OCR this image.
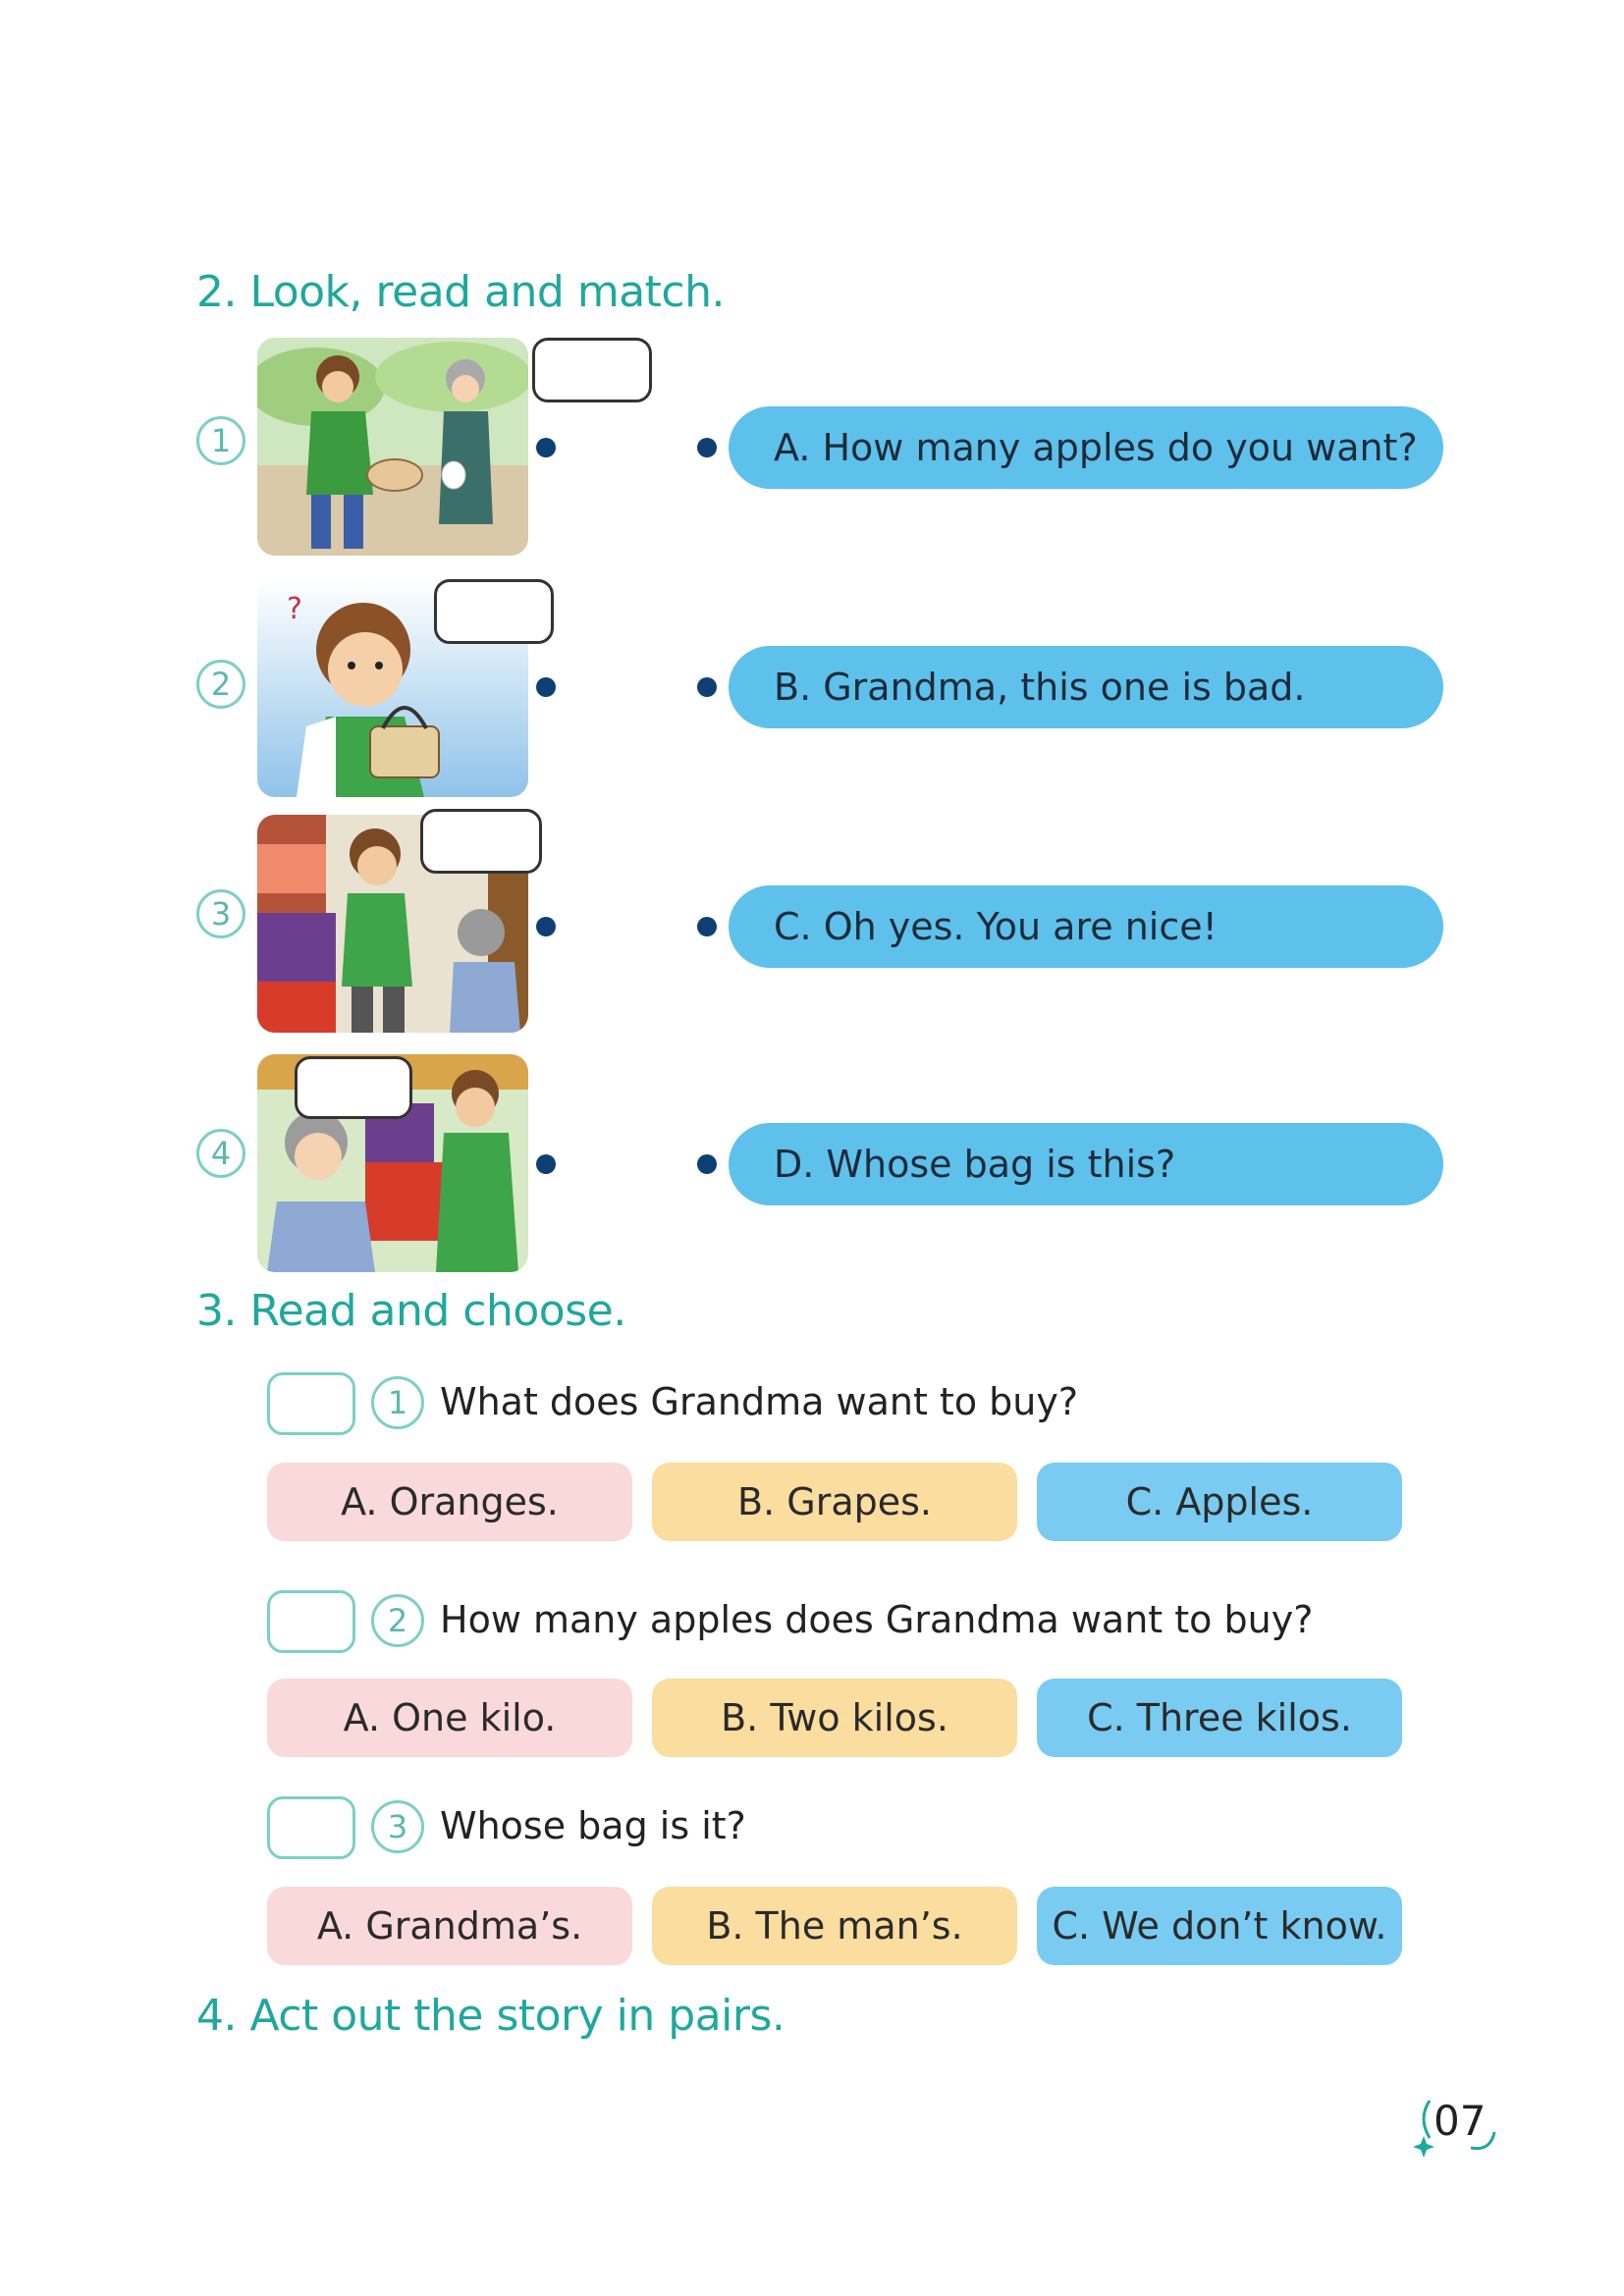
2. Look, read and match.
1
2
?
3
4
A. How many apples do you want?
B. Grandma, this one is bad.
C. Oh yes. You are nice!
D. Whose bag is this?
3. Read and choose.
1 What does Grandma want to buy?
A. Oranges.	B. Grapes.	C. Apples.
2 How many apples does Grandma want to buy?
A. One kilo.	B. Two kilos.	C. Three kilos.
3 Whose bag is it?
A. Grandma’s.	B. The man’s.	C. We don’t know.
4. Act out the story in pairs.
07
